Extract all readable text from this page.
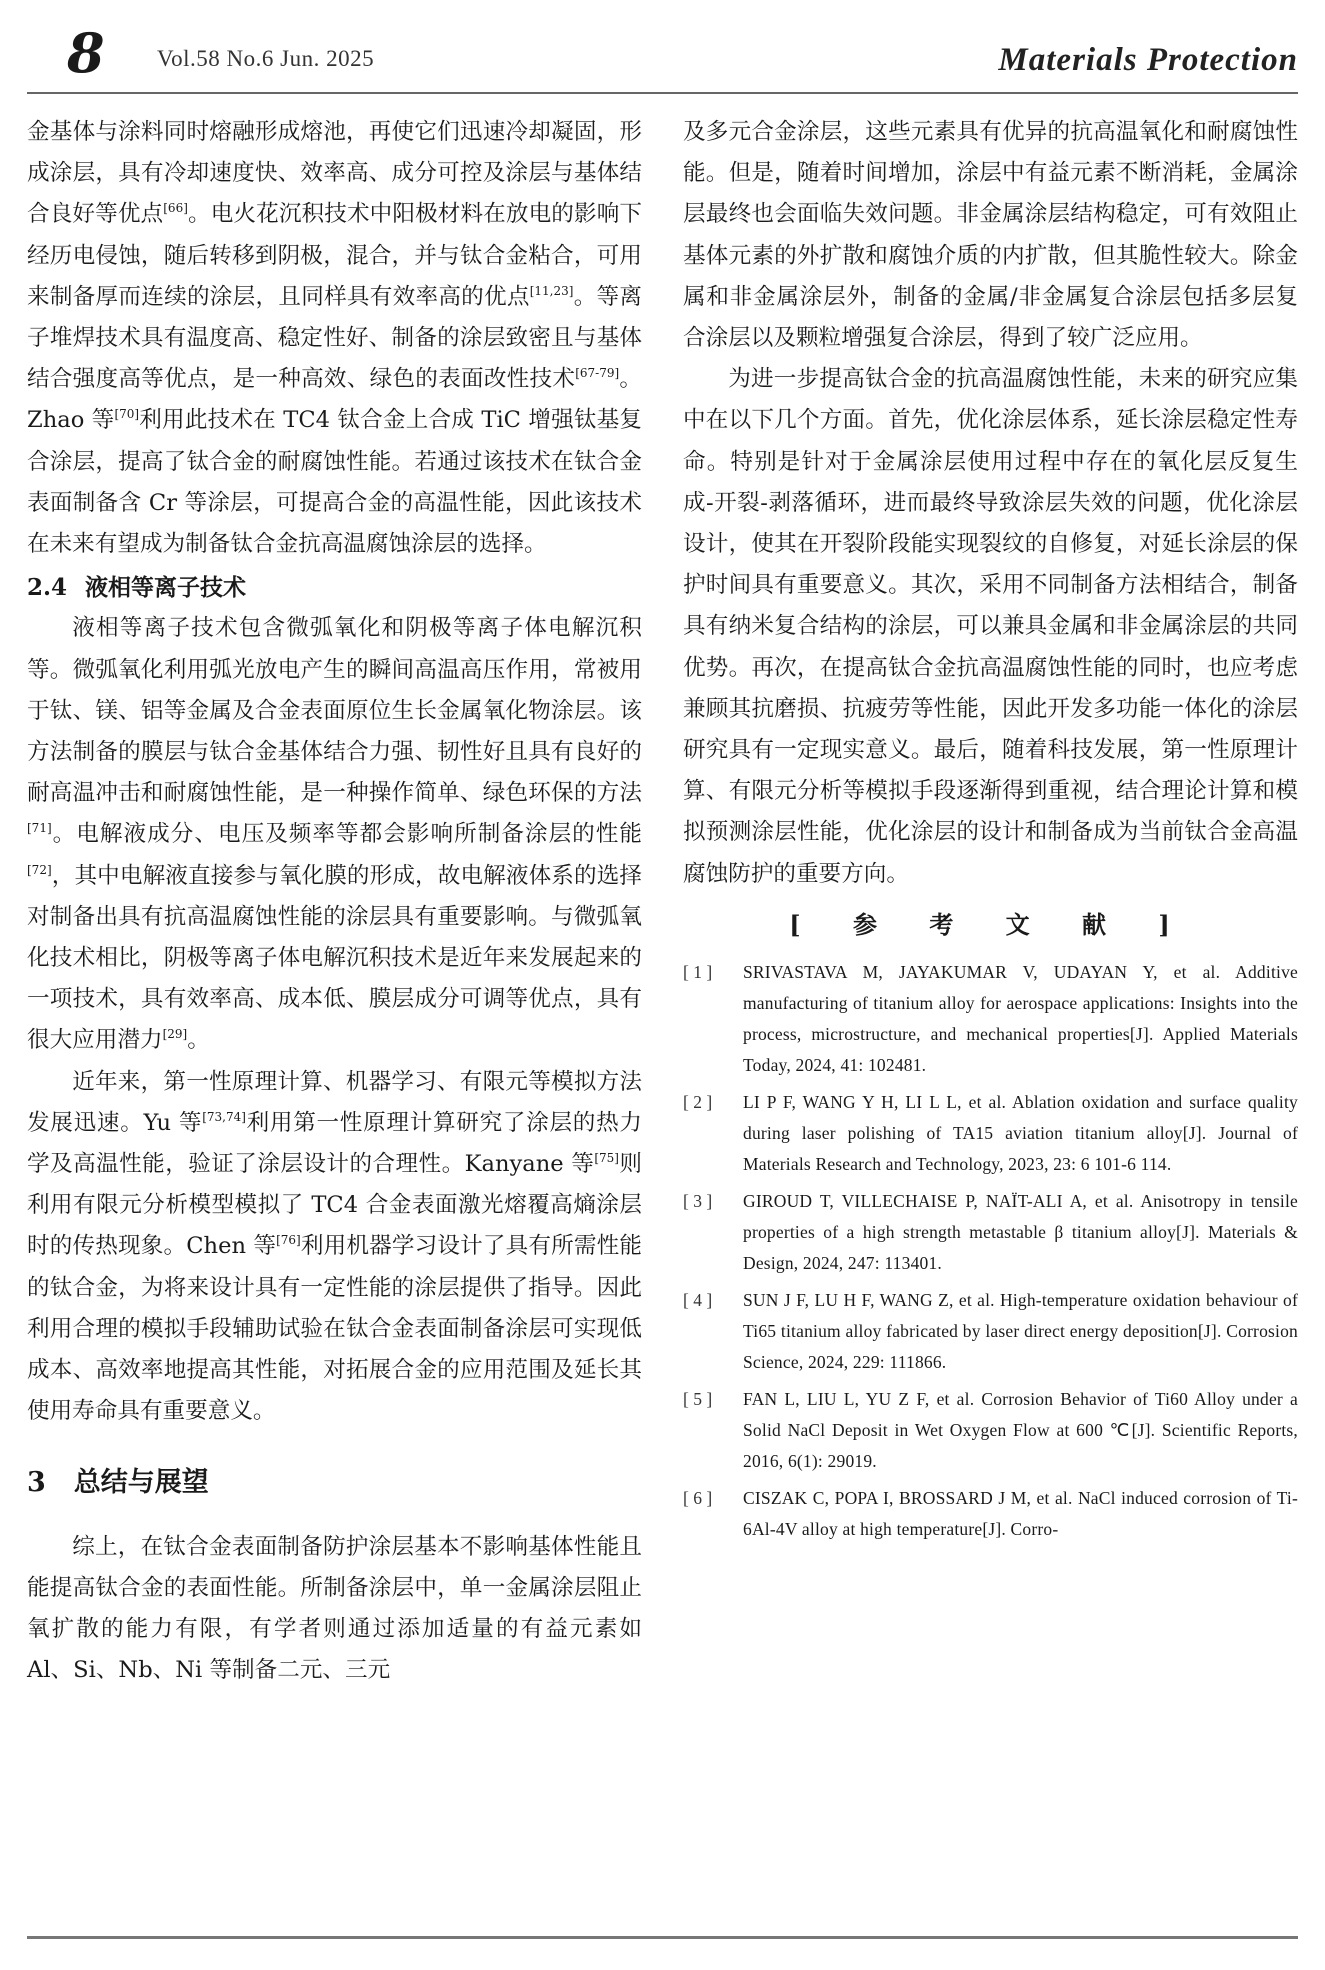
8 Vol.58 No.6 Jun. 2025	Materials Protection

金基体与涂料同时熔融形成熔池，再使它们迅速冷却凝固，形成涂层，具有冷却速度快、效率高、成分可控及涂层与基体结合良好等优点[66]。电火花沉积技术中阳极材料在放电的影响下经历电侵蚀，随后转移到阴极，混合，并与钛合金粘合，可用来制备厚而连续的涂层，且同样具有效率高的优点[11,23]。等离子堆焊技术具有温度高、稳定性好、制备的涂层致密且与基体结合强度高等优点，是一种高效、绿色的表面改性技术[67-79]。Zhao 等[70]利用此技术在 TC4 钛合金上合成 TiC 增强钛基复合涂层，提高了钛合金的耐腐蚀性能。若通过该技术在钛合金表面制备含 Cr 等涂层，可提高合金的高温性能，因此该技术在未来有望成为制备钛合金抗高温腐蚀涂层的选择。

2.4 液相等离子技术

液相等离子技术包含微弧氧化和阴极等离子体电解沉积等。微弧氧化利用弧光放电产生的瞬间高温高压作用，常被用于钛、镁、铝等金属及合金表面原位生长金属氧化物涂层。该方法制备的膜层与钛合金基体结合力强、韧性好且具有良好的耐高温冲击和耐腐蚀性能，是一种操作简单、绿色环保的方法[71]。电解液成分、电压及频率等都会影响所制备涂层的性能[72]，其中电解液直接参与氧化膜的形成，故电解液体系的选择对制备出具有抗高温腐蚀性能的涂层具有重要影响。与微弧氧化技术相比，阴极等离子体电解沉积技术是近年来发展起来的一项技术，具有效率高、成本低、膜层成分可调等优点，具有很大应用潜力[29]。

近年来，第一性原理计算、机器学习、有限元等模拟方法发展迅速。Yu 等[73,74]利用第一性原理计算研究了涂层的热力学及高温性能，验证了涂层设计的合理性。Kanyane 等[75]则利用有限元分析模型模拟了 TC4 合金表面激光熔覆高熵涂层时的传热现象。Chen 等[76]利用机器学习设计了具有所需性能的钛合金，为将来设计具有一定性能的涂层提供了指导。因此利用合理的模拟手段辅助试验在钛合金表面制备涂层可实现低成本、高效率地提高其性能，对拓展合金的应用范围及延长其使用寿命具有重要意义。

3 总结与展望

综上，在钛合金表面制备防护涂层基本不影响基体性能且能提高钛合金的表面性能。所制备涂层中，单一金属涂层阻止氧扩散的能力有限，有学者则通过添加适量的有益元素如 Al、Si、Nb、Ni 等制备二元、三元

及多元合金涂层，这些元素具有优异的抗高温氧化和耐腐蚀性能。但是，随着时间增加，涂层中有益元素不断消耗，金属涂层最终也会面临失效问题。非金属涂层结构稳定，可有效阻止基体元素的外扩散和腐蚀介质的内扩散，但其脆性较大。除金属和非金属涂层外，制备的金属/非金属复合涂层包括多层复合涂层以及颗粒增强复合涂层，得到了较广泛应用。

为进一步提高钛合金的抗高温腐蚀性能，未来的研究应集中在以下几个方面。首先，优化涂层体系，延长涂层稳定性寿命。特别是针对于金属涂层使用过程中存在的氧化层反复生成-开裂-剥落循环，进而最终导致涂层失效的问题，优化涂层设计，使其在开裂阶段能实现裂纹的自修复，对延长涂层的保护时间具有重要意义。其次，采用不同制备方法相结合，制备具有纳米复合结构的涂层，可以兼具金属和非金属涂层的共同优势。再次，在提高钛合金抗高温腐蚀性能的同时，也应考虑兼顾其抗磨损、抗疲劳等性能，因此开发多功能一体化的涂层研究具有一定现实意义。最后，随着科技发展，第一性原理计算、有限元分析等模拟手段逐渐得到重视，结合理论计算和模拟预测涂层性能，优化涂层的设计和制备成为当前钛合金高温腐蚀防护的重要方向。

[ 参 考 文 献 ]
[ 1 ]	SRIVASTAVA M, JAYAKUMAR V, UDAYAN Y, et al. Additive manufacturing of titanium alloy for aerospace applications: Insights into the process, microstructure, and mechanical properties[J]. Applied Materials Today, 2024, 41: 102481.
[ 2 ]	LI P F, WANG Y H, LI L L, et al. Ablation oxidation and surface quality during laser polishing of TA15 aviation titanium alloy[J]. Journal of Materials Research and Technology, 2023, 23: 6 101-6 114.
[ 3 ]	GIROUD T, VILLECHAISE P, NAÏT-ALI A, et al. Anisotropy in tensile properties of a high strength metastable β titanium alloy[J]. Materials & Design, 2024, 247: 113401.
[ 4 ]	SUN J F, LU H F, WANG Z, et al. High-temperature oxidation behaviour of Ti65 titanium alloy fabricated by laser direct energy deposition[J]. Corrosion Science, 2024, 229: 111866.
[ 5 ]	FAN L, LIU L, YU Z F, et al. Corrosion Behavior of Ti60 Alloy under a Solid NaCl Deposit in Wet Oxygen Flow at 600 ℃[J]. Scientific Reports, 2016, 6(1): 29019.
[ 6 ]	CISZAK C, POPA I, BROSSARD J M, et al. NaCl induced corrosion of Ti-6Al-4V alloy at high temperature[J]. Corro-
